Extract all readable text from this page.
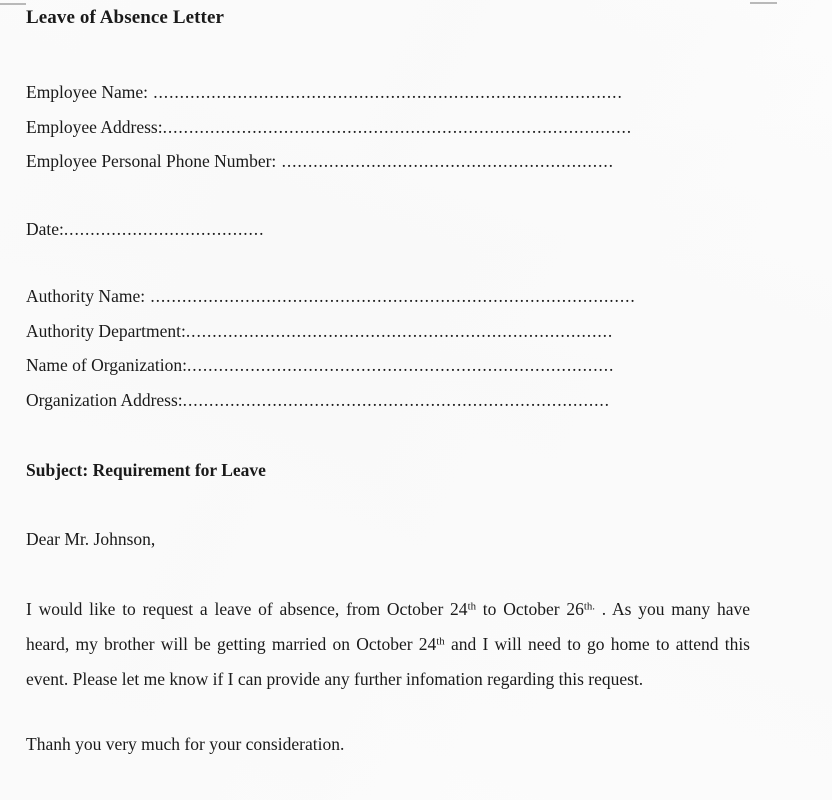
Leave of Absence Letter
Employee Name: .........................................................................................
Employee Address:.........................................................................................
Employee Personal Phone Number: ...............................................................
Date:......................................
Authority Name: ............................................................................................
Authority Department:.................................................................................
Name of Organization:.................................................................................
Organization Address:.................................................................................
Subject: Requirement for Leave
Dear Mr. Johnson,

I would like to request a leave of absence, from October 24th to October $26^{th.}$ . As you many have heard, my brother will be getting married on October 24th and I will need to go home to attend this event. Please let me know if I can provide any further infomation regarding this request.

Thanh you very much for your consideration.
